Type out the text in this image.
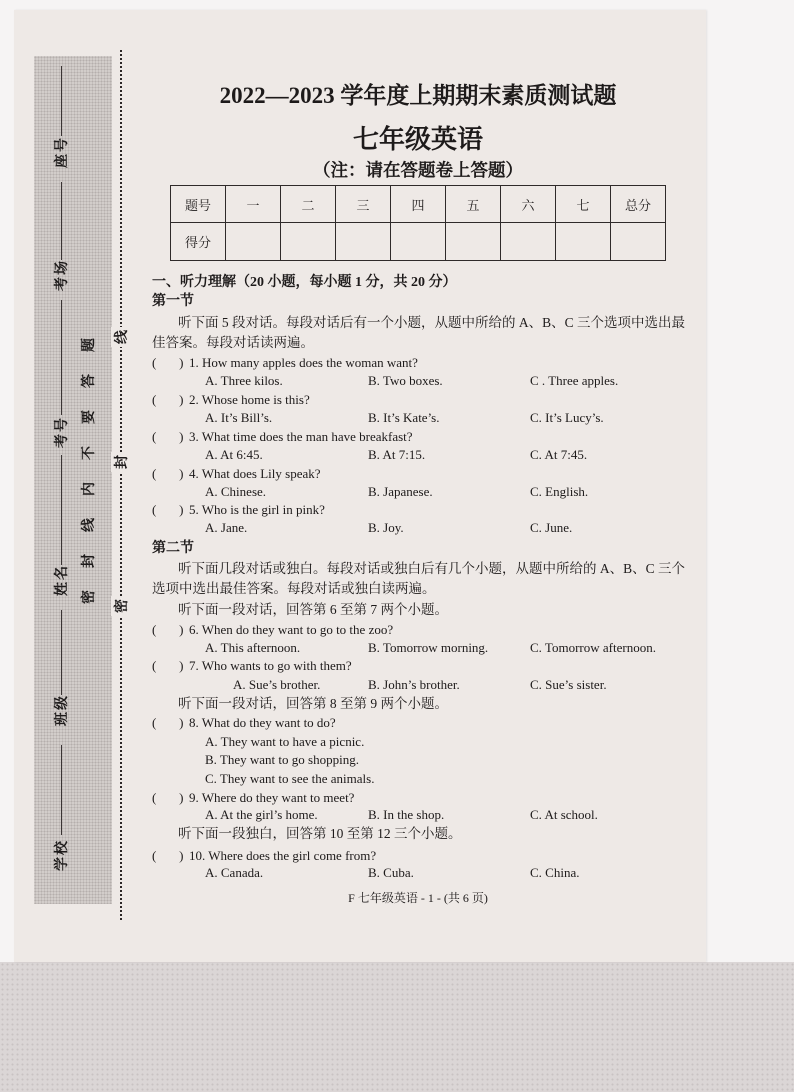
学校
班级
姓名
考号
考场
座号
密封线内不要答题
密
封
线
2022—2023 学年度上期期末素质测试题
七年级英语
（注：请在答题卷上答题）
题号	一	二	三	四	五	六	七	总分
得分								
一、听力理解（20 小题，每小题 1 分，共 20 分）
第一节
听下面 5 段对话。每段对话后有一个小题，从题中所给的 A、B、C 三个选项中选出最
佳答案。每段对话读两遍。
(       ) 1. How many apples does the woman want?
A. Three kilos.	B. Two boxes.	C . Three apples.
(       ) 2. Whose home is this?
A. It’s Bill’s.	B. It’s Kate’s.	C. It’s Lucy’s.
(       ) 3. What time does the man have breakfast?
A. At 6:45.	B. At 7:15.	C. At 7:45.
(       ) 4. What does Lily speak?
A. Chinese.	B. Japanese.	C. English.
(       ) 5. Who is the girl in pink?
A. Jane.	B. Joy.	C. June.
第二节
听下面几段对话或独白。每段对话或独白后有几个小题，从题中所给的 A、B、C 三个
选项中选出最佳答案。每段对话或独白读两遍。
听下面一段对话，回答第 6 至第 7 两个小题。
(       ) 6. When do they want to go to the zoo?
A. This afternoon.	B. Tomorrow morning.	C. Tomorrow afternoon.
(       ) 7. Who wants to go with them?
A. Sue’s brother.	B. John’s brother.	C. Sue’s sister.
听下面一段对话，回答第 8 至第 9 两个小题。
(       ) 8. What do they want to do?
A. They want to have a picnic.
B. They want to go shopping.
C. They want to see the animals.
(       ) 9. Where do they want to meet?
A. At the girl’s home.	B. In the shop.	C. At school.
听下面一段独白，回答第 10 至第 12 三个小题。
(       ) 10. Where does the girl come from?
A. Canada.	B. Cuba.	C. China.
F 七年级英语 - 1 - (共 6 页)
